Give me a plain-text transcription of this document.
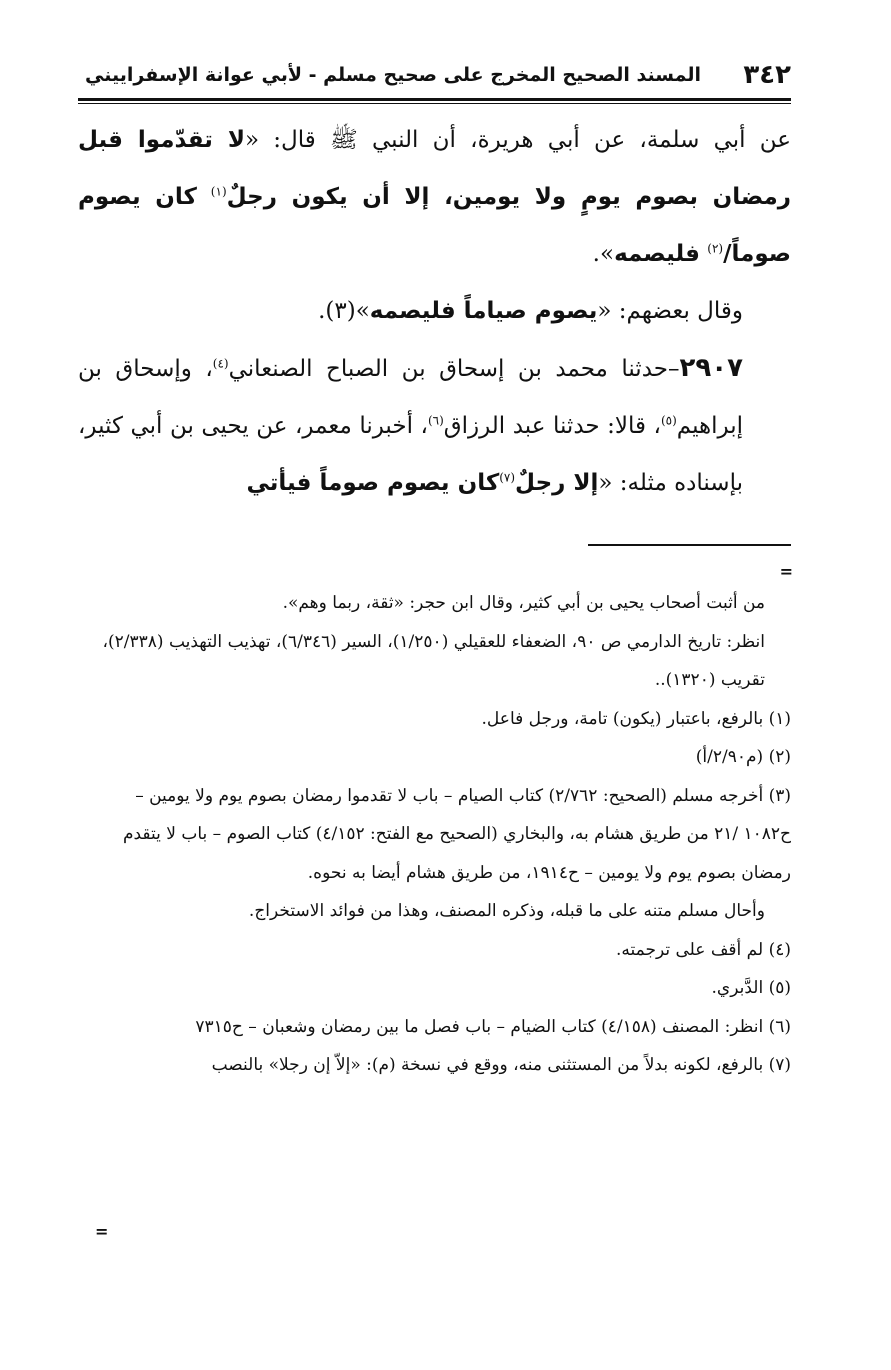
٣٤٢
المسند الصحيح المخرج على صحيح مسلم - لأبي عوانة الإسفراييني

عن أبي سلمة، عن أبي هريرة، أن النبي ﷺ قال: «لا تقدّموا قبل رمضان بصوم يومٍ ولا يومين، إلا أن يكون رجلٌ$^{(١)}$ كان يصوم صوماً/$^{(٢)}$ فليصمه».

وقال بعضهم: «يصوم صياماً فليصمه»(٣).

٢٩٠٧–حدثنا محمد بن إسحاق بن الصباح الصنعاني$^{(٤)}$، وإسحاق بن إبراهيم$^{(٥)}$، قالا: حدثنا عبد الرزاق$^{(٦)}$، أخبرنا معمر، عن يحيى بن أبي كثير، بإسناده مثله: «إلا رجلٌ$^{(٧)}$كان يصوم صوماً فيأتي

=

من أثبت أصحاب يحيى بن أبي كثير، وقال ابن حجر: «ثقة، ربما وهم».

انظر: تاريخ الدارمي ص ٩٠، الضعفاء للعقيلي (١/٢٥٠)، السير (٦/٣٤٦)، تهذيب التهذيب (٢/٣٣٨)، تقريب (١٣٢٠)..

(١) بالرفع، باعتبار (يكون) تامة، ورجل فاعل.

(٢) (م٢/٩٠/أ)

(٣) أخرجه مسلم (الصحيح: ٢/٧٦٢) كتاب الصيام – باب لا تقدموا رمضان بصوم يوم ولا يومين – ح١٠٨٢ /٢١ من طريق هشام به، والبخاري (الصحيح مع الفتح: ٤/١٥٢) كتاب الصوم – باب لا يتقدم رمضان بصوم يوم ولا يومين – ح١٩١٤، من طريق هشام أيضا به نحوه.

وأحال مسلم متنه على ما قبله، وذكره المصنف، وهذا من فوائد الاستخراج.

(٤) لم أقف على ترجمته.

(٥) الدَّبري.

(٦) انظر: المصنف (٤/١٥٨) كتاب الضيام – باب فصل ما بين رمضان وشعبان – ح٧٣١٥

(٧) بالرفع، لكونه بدلاً من المستثنى منه، ووقع في نسخة (م): «إلاّ إن رجلا» بالنصب

=
